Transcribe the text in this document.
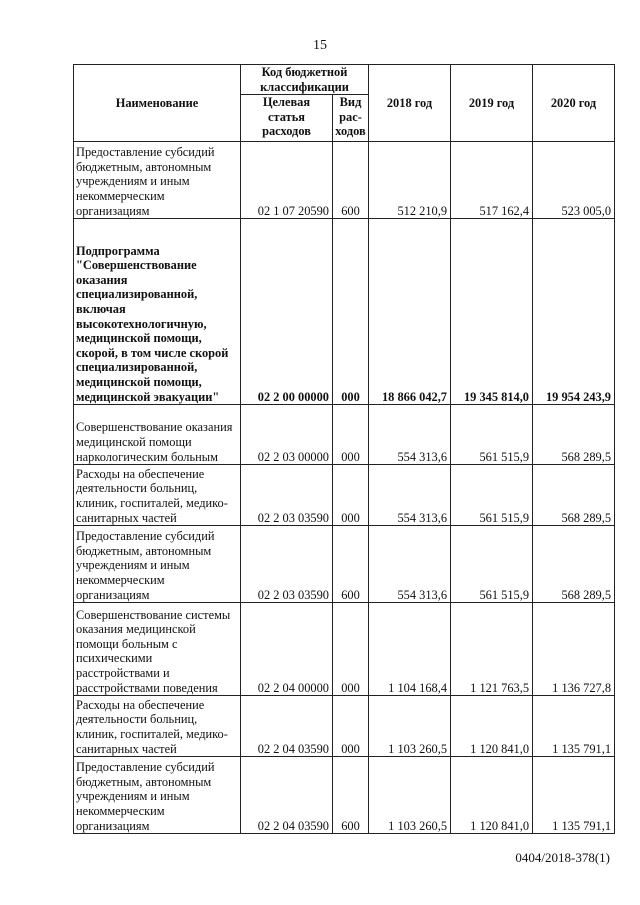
15
Наименование	Код бюджетной классификации		2018 год	2019 год	2020 год
	Целевая статья расходов	Вид рас-ходов			
Предоставление субсидий бюджетным, автономным учреждениям и иным некоммерческим организациям	02 1 07 20590	600	512 210,9	517 162,4	523 005,0
Подпрограмма "Совершенствование оказания специализированной, включая высокотехнологичную, медицинской помощи, скорой, в том числе скорой специализированной, медицинской помощи, медицинской эвакуации"	02 2 00 00000	000	18 866 042,7	19 345 814,0	19 954 243,9
Совершенствование оказания медицинской помощи наркологическим больным	02 2 03 00000	000	554 313,6	561 515,9	568 289,5
Расходы на обеспечение деятельности больниц, клиник, госпиталей, медико-санитарных частей	02 2 03 03590	000	554 313,6	561 515,9	568 289,5
Предоставление субсидий бюджетным, автономным учреждениям и иным некоммерческим организациям	02 2 03 03590	600	554 313,6	561 515,9	568 289,5
Совершенствование системы оказания медицинской помощи больным с психическими расстройствами и расстройствами поведения	02 2 04 00000	000	1 104 168,4	1 121 763,5	1 136 727,8
Расходы на обеспечение деятельности больниц, клиник, госпиталей, медико-санитарных частей	02 2 04 03590	000	1 103 260,5	1 120 841,0	1 135 791,1
Предоставление субсидий бюджетным, автономным учреждениям и иным некоммерческим организациям	02 2 04 03590	600	1 103 260,5	1 120 841,0	1 135 791,1
0404/2018-378(1)
